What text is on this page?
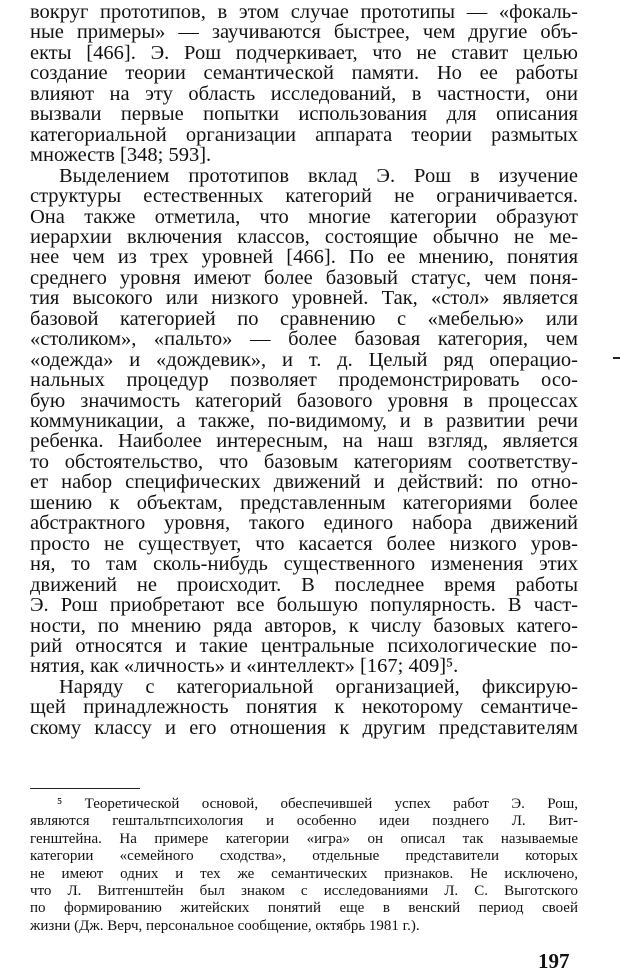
вокруг прототипов, в этом случае прототипы — «фокаль-

ные примеры» — заучиваются быстрее, чем другие объ-

екты [466]. Э. Рош подчеркивает, что не ставит целью

создание теории семантической памяти. Но ее работы

влияют на эту область исследований, в частности, они

вызвали первые попытки использования для описания

категориальной организации аппарата теории размытых

множеств [348; 593].

Выделением прототипов вклад Э. Рош в изучение

структуры естественных категорий не ограничивается.

Она также отметила, что многие категории образуют

иерархии включения классов, состоящие обычно не ме-

нее чем из трех уровней [466]. По ее мнению, понятия

среднего уровня имеют более базовый статус, чем поня-

тия высокого или низкого уровней. Так, «стол» является

базовой категорией по сравнению с «мебелью» или

«столиком», «пальто» — более базовая категория, чем

«одежда» и «дождевик», и т. д. Целый ряд операцио-

нальных процедур позволяет продемонстрировать осо-

бую значимость категорий базового уровня в процессах

коммуникации, а также, по-видимому, и в развитии речи

ребенка. Наиболее интересным, на наш взгляд, является

то обстоятельство, что базовым категориям соответству-

ет набор специфических движений и действий: по отно-

шению к объектам, представленным категориями более

абстрактного уровня, такого единого набора движений

просто не существует, что касается более низкого уров-

ня, то там сколь-нибудь существенного изменения этих

движений не происходит. В последнее время работы

Э. Рош приобретают все большую популярность. В част-

ности, по мнению ряда авторов, к числу базовых катего-

рий относятся и такие центральные психологические по-

нятия, как «личность» и «интеллект» [167; 409]⁵.

Наряду с категориальной организацией, фиксирую-

щей принадлежность понятия к некоторому семантиче-

скому классу и его отношения к другим представителям

⁵ Теоретической основой, обеспечившей успех работ Э. Рош,

являются гештальтпсихология и особенно идеи позднего Л. Вит-

генштейна. На примере категории «игра» он описал так называемые

категории «семейного сходства», отдельные представители которых

не имеют одних и тех же семантических признаков. Не исключено,

что Л. Витгенштейн был знаком с исследованиями Л. С. Выготского

по формированию житейских понятий еще в венский период своей

жизни (Дж. Верч, персональное сообщение, октябрь 1981 г.).

197
